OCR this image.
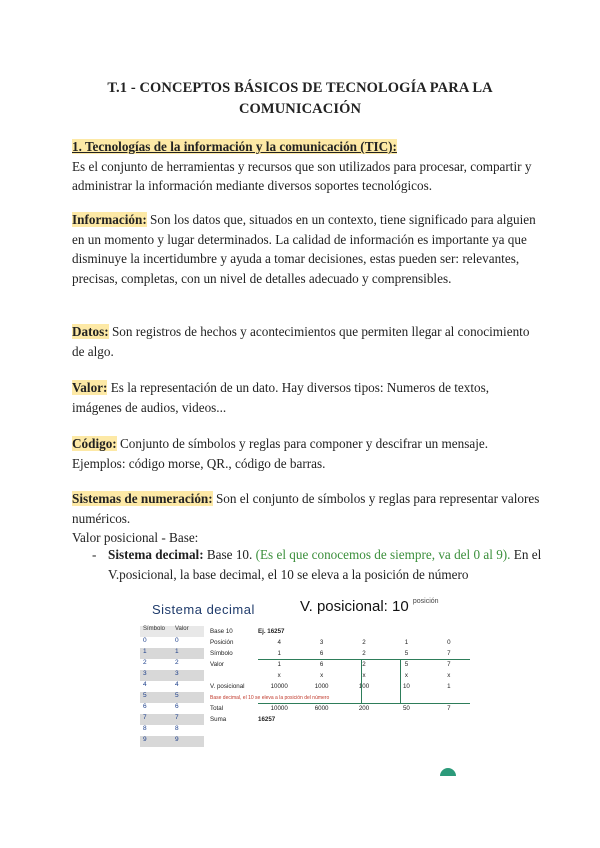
T.1 - CONCEPTOS BÁSICOS DE TECNOLOGÍA PARA LA
COMUNICACIÓN
1. Tecnologías de la información y la comunicación (TIC):
Es el conjunto de herramientas y recursos que son utilizados para procesar, compartir y administrar la información mediante diversos soportes tecnológicos.
Información: Son los datos que, situados en un contexto, tiene significado para alguien en un momento y lugar determinados. La calidad de información es importante ya que disminuye la incertidumbre y ayuda a tomar decisiones, estas pueden ser: relevantes, precisas, completas, con un nivel de detalles adecuado y comprensibles.
Datos: Son registros de hechos y acontecimientos que permiten llegar al conocimiento de algo.
Valor: Es la representación de un dato. Hay diversos tipos: Numeros de textos, imágenes de audios, videos...
Código: Conjunto de símbolos y reglas para componer y descifrar un mensaje. Ejemplos: código morse, QR., código de barras.
Sistemas de numeración: Son el conjunto de símbolos y reglas para representar valores numéricos.
Valor posicional - Base:
- Sistema decimal: Base 10. (Es el que conocemos de siempre, va del 0 al 9). En el V.posicional, la base decimal, el 10 se eleva a la posición de número
Sistema decimal	V. posicional: 10 $^{posición}$
Símbolo	Valor
0	0
1	1
2	2
3	3
4	4
5	5
6	6
7	7
8	8
9	9
Base 10	Ej. 16257
Posición	4	3	2	1	0
Símbolo	1	6	2	5	7
Valor	1	6	2	5	7
x	x	x	x	x
V. posicional	10000	1000	100	10	1
Base decimal, el 10 se eleva a la posición del número
Total	10000	6000	200	50	7
Suma	16257
